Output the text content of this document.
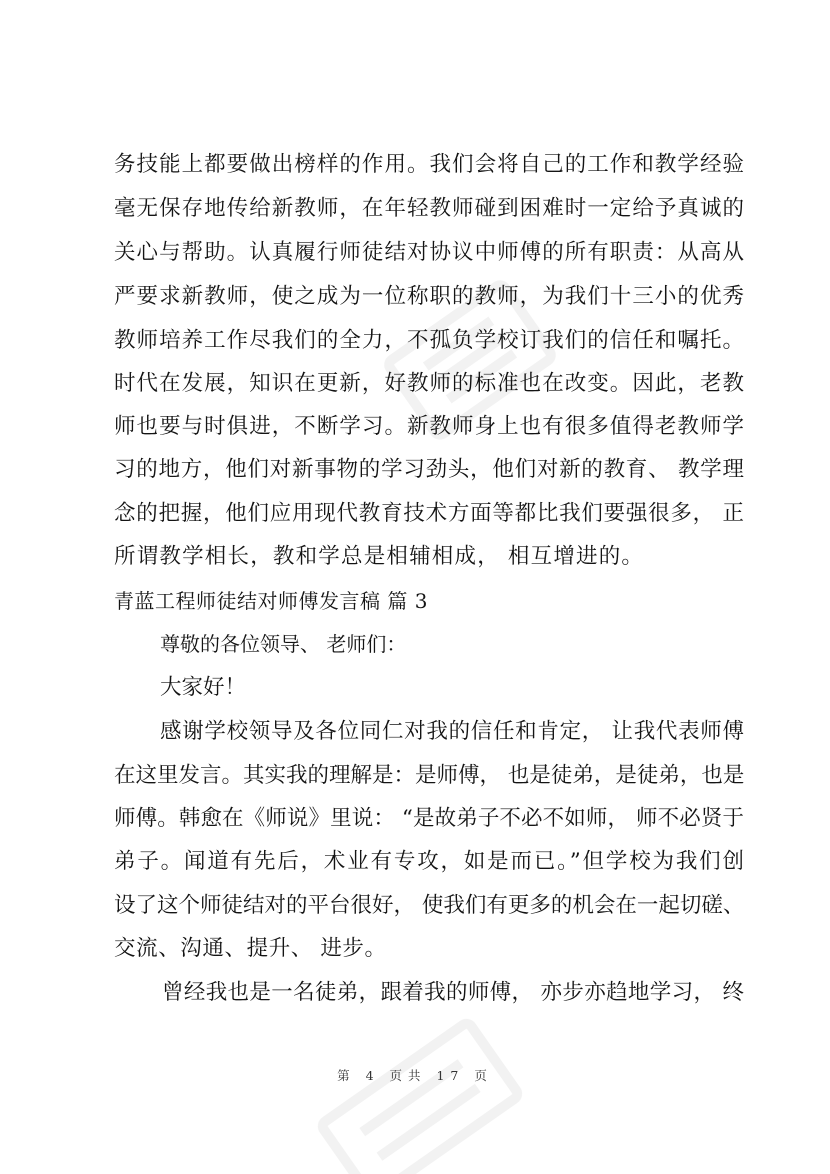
务技能上都要做出榜样的作用。我们会将自己的工作和教学经验
毫无保存地传给新教师，在年轻教师碰到困难时一定给予真诚的
关心与帮助。认真履行师徒结对协议中师傅的所有职责：从高从
严要求新教师，使之成为一位称职的教师，为我们十三小的优秀
教师培养工作尽我们的全力，不孤负学校订我们的信任和嘱托。
时代在发展，知识在更新，好教师的标准也在改变。因此，老教
师也要与时俱进，不断学习。新教师身上也有很多值得老教师学
习的地方，他们对新事物的学习劲头，他们对新的教育、 教学理
念的把握，他们应用现代教育技术方面等都比我们要强很多， 正
所谓教学相长，教和学总是相辅相成， 相互增进的。
青蓝工程师徒结对师傅发言稿 篇 3
尊敬的各位领导、 老师们：
大家好！
感谢学校领导及各位同仁对我的信任和肯定， 让我代表师傅
在这里发言。其实我的理解是：是师傅， 也是徒弟，是徒弟，也是
师傅。韩愈在《师说》里说： “是故弟子不必不如师， 师不必贤于
弟子。闻道有先后，术业有专攻，如是而已。”但学校为我们创
设了这个师徒结对的平台很好， 使我们有更多的机会在一起切磋、
交流、沟通、提升、 进步。
曾经我也是一名徒弟，跟着我的师傅， 亦步亦趋地学习， 终
第 4 页共 17 页
